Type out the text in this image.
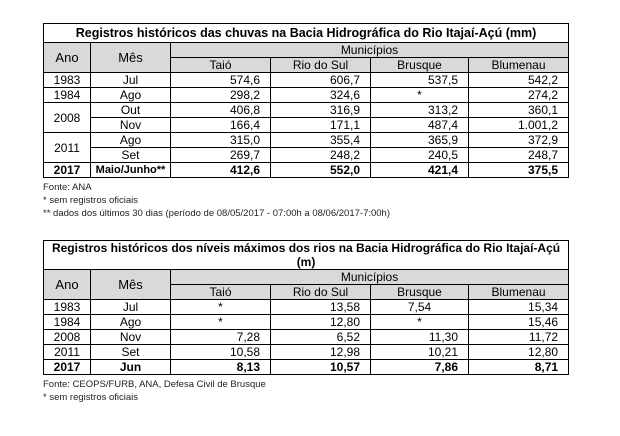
Registros históricos das chuvas na Bacia Hidrográfica do Rio Itajaí-Açú (mm)					
Ano	Mês	Municípios			
		Taió	Rio do Sul	Brusque	Blumenau
1983	Jul	574,6	606,7	537,5	542,2
1984	Ago	298,2	324,6	*	274,2
2008	Out	406,8	316,9	313,2	360,1
	Nov	166,4	171,1	487,4	1.001,2
2011	Ago	315,0	355,4	365,9	372,9
	Set	269,7	248,2	240,5	248,7
2017	Maio/Junho**	412,6	552,0	421,4	375,5
Fonte: ANA
* sem registros oficiais
** dados dos últimos 30 dias (período de 08/05/2017 - 07:00h a 08/06/2017-7:00h)
Registros históricos dos níveis máximos dos rios na Bacia Hidrográfica do Rio Itajaí-Açú (m)					
Ano	Mês	Municípios			
		Taió	Rio do Sul	Brusque	Blumenau
1983	Jul	*	13,58	7,54	15,34
1984	Ago	*	12,80	*	15,46
2008	Nov	7,28	6,52	11,30	11,72
2011	Set	10,58	12,98	10,21	12,80
2017	Jun	8,13	10,57	7,86	8,71
Fonte: CEOPS/FURB, ANA, Defesa Civil de Brusque
* sem registros oficiais
